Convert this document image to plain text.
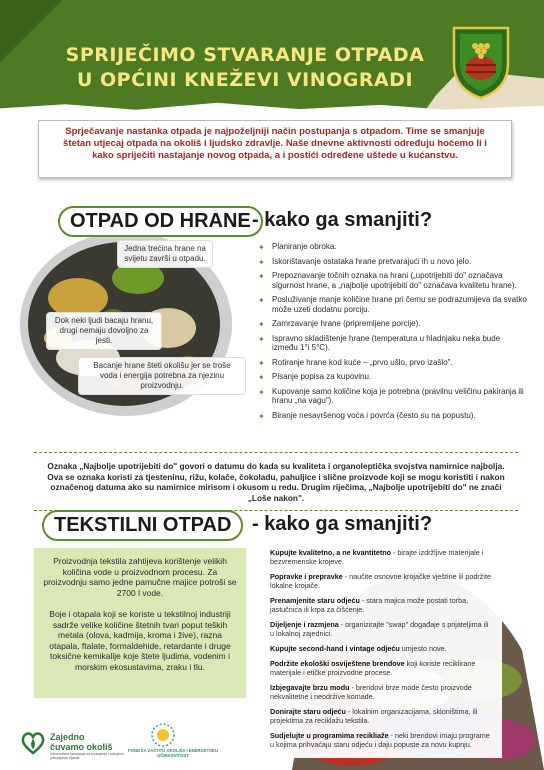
SPRIJEČIMO STVARANJE OTPADA
U OPĆINI KNEŽEVI VINOGRADI
Sprječavanje nastanka otpada je najpoželjniji način postupanja s otpadom. Time se smanjuje štetan utjecaj otpada na okoliš i ljudsko zdravlje. Naše dnevne aktivnosti određuju hoćemo li i kako spriječiti nastajanje novog otpada, a i postići određene uštede u kućanstvu.
Jedna trećina hrane na svijetu završi u otpadu.
Dok neki ljudi bacaju hranu, drugi nemaju dovoljno za jesti.
Bacanje hrane šteti okolišu jer se troše voda i energija potrebna za njezinu proizvodnju.
OTPAD OD HRANE - kako ga smanjiti?
✦ Planiranje obroka.
✦ Iskorištavanje ostataka hrane pretvarajući ih u novo jelo.
✦ Prepoznavanje točnih oznaka na hrani („upotrijebiti do" označava sigurnost hrane, a „najbolje upotrijebiti do" označava kvalitetu hrane).
✦ Posluživanje manje količine hrane pri čemu se podrazumijeva da svatko može uzeti dodatnu porciju.
✦ Zamrzavanje hrane (pripremljene porcije).
✦ Ispravno skladištenje hrane (temperatura u hladnjaku neka bude između 1°i 5°C).
✦ Rotiranje hrane kod kuće – „prvo ušlo, prvo izašlo".
✦ Pisanje popisa za kupovinu.
✦ Kupovanje samo količine koja je potrebna (pravilnu veličinu pakiranja ili hranu „na vagu").
✦ Biranje nesavršenog voća i povrća (često su na popustu).
Oznaka „Najbolje upotrijebiti do" govori o datumu do kada su kvaliteta i organoleptička svojstva namirnice najbolja. Ova se oznaka koristi za tjesteninu, rižu, kolače, čokoladu, pahuljice i slične proizvode koji se mogu koristiti i nakon označenog datuma ako su namirnice mirisom i okusom u redu. Drugim riječima, „Najbolje upotrijebiti do" ne znači „Loše nakon".
TEKSTILNI OTPAD	- kako ga smanjiti?

Proizvodnja tekstila zahtijeva korištenje velikih količina vode u proizvodnom procesu. Za proizvodnju samo jedne pamučne majice potroši se 2700 l vode.

Boje i otapala koji se koriste u tekstilnoj industriji sadrže velike količine štetnih tvari poput teških metala (olova, kadmija, kroma i žive), razna otapala, ftalate, formaldehide, retardante i druge toksične kemikalije koje štete ljudima, vodenim i morskim ekosustavima, zraku i tlu.

Kupujte kvalitetno, a ne kvantitetno - birajte izdržljive materijale i bezvremenske krojeve.
Popravke i prepravke - naučite osnovne krojačke vještine ili podržite lokalne krojače.
Prenamjenite staru odjeću - stara majica može postati torba, jastučnica ili krpa za čišćenje.
Dijeljenje i razmjena - organizirajte "swap" događaje s prijateljima ili u lokalnoj zajednici.
Kupujte second-hand i vintage odjeću umjesto nove.
Podržite ekološki osviještene brendove koji koriste reciklirane materijale i etičke proizvodne procese.
Izbjegavajte brzu modu - brendovi brze mode često proizvode nekvalitetne i neodržive komade.
Donirajte staru odjeću - lokalnim organizacijama, skloništima, ili projektima za reciklažu tekstila.
Sudjelujte u programima recikliaže - neki brendovi imaju programe u kojima prihvaćaju staru odjeću i daju popuste za novu kupnju.
Zajedno
čuvamo okoliš
Informativna kampanja za smanjenje i odvojeno prikupljanje otpada
FOND ZA ZAŠTITU OKOLIŠA I ENERGETSKU UČINKOVITOST
